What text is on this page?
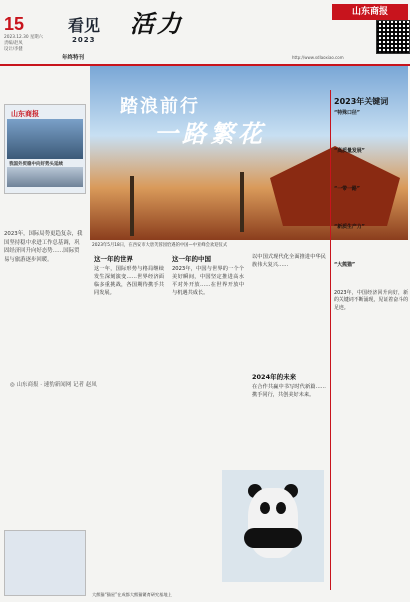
15
2023.12.30 星期六
责编/赵凤
设计/李健
看见
2023
年终特刊
活力
http://www.sdlaoxiao.com
山东商报
山东商报
我国外贸稳中向好势头延续
2023年，国际局势更趋复杂，我国坚持稳中求进工作总基调，巩固经济回升向好态势……国际贸易与旅游逐步回暖。
◎ 山东商报 · 速豹新闻网 记者 赵凤
踏浪前行
一路繁花
2023年5月18日，在西安市大唐芙蓉园恰遇的中国—中亚峰会欢迎仪式
这一年的世界
这一年，国际形势与格局继续发生深刻演变……世界经济面临多重挑战，各国期待携手共同发展。
这一年的中国
2023年，中国与世界的一个个美好瞬间，中国坚定推进高水平对外开放……在世界开放中与机遇共成长。
以中国式现代化全面推进中华民族伟大复兴……
2024年的未来
在合作共赢中书写时代新篇……携手同行，共创美好未来。
大熊猫“猫星”在成都大熊猫繁育研究基地上
2023年关键词
“特殊口径”
“高质量发展”
“一带一路”
“新质生产力”
“大熊猫”
2023年，中国经济回升向好，新的关键词不断涌现，见证着奋斗的足迹。
